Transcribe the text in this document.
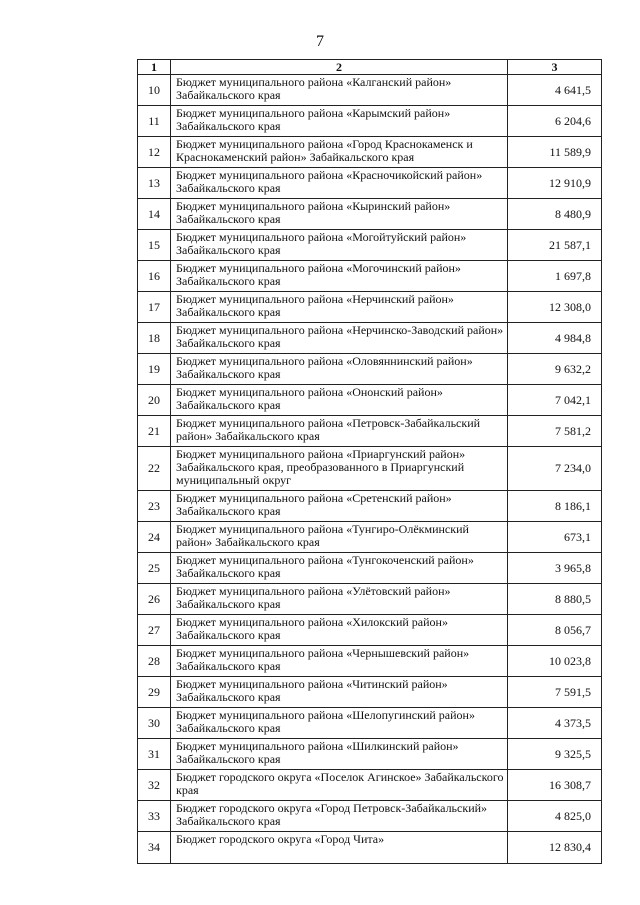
7
1	2	3
10	Бюджет муниципального района «Калганский район» Забайкальского края	4 641,5
11	Бюджет муниципального района «Карымский район» Забайкальского края	6 204,6
12	Бюджет муниципального района «Город Краснокаменск и Краснокаменский район» Забайкальского края	11 589,9
13	Бюджет муниципального района «Красночикойский район» Забайкальского края	12 910,9
14	Бюджет муниципального района «Кыринский район» Забайкальского края	8 480,9
15	Бюджет муниципального района «Могойтуйский район» Забайкальского края	21 587,1
16	Бюджет муниципального района «Могочинский район» Забайкальского края	1 697,8
17	Бюджет муниципального района «Нерчинский район» Забайкальского края	12 308,0
18	Бюджет муниципального района «Нерчинско-Заводский район» Забайкальского края	4 984,8
19	Бюджет муниципального района «Оловяннинский район» Забайкальского края	9 632,2
20	Бюджет муниципального района «Ононский район» Забайкальского края	7 042,1
21	Бюджет муниципального района «Петровск-Забайкальский район» Забайкальского края	7 581,2
22	Бюджет муниципального района «Приаргунский район» Забайкальского края, преобразованного в Приаргунский муниципальный округ	7 234,0
23	Бюджет муниципального района «Сретенский район» Забайкальского края	8 186,1
24	Бюджет муниципального района «Тунгиро-Олёкминский район» Забайкальского края	673,1
25	Бюджет муниципального района «Тунгокоченский район» Забайкальского края	3 965,8
26	Бюджет муниципального района «Улётовский район» Забайкальского края	8 880,5
27	Бюджет муниципального района «Хилокский район» Забайкальского края	8 056,7
28	Бюджет муниципального района «Чернышевский район» Забайкальского края	10 023,8
29	Бюджет муниципального района «Читинский район» Забайкальского края	7 591,5
30	Бюджет муниципального района «Шелопугинский район» Забайкальского края	4 373,5
31	Бюджет муниципального района «Шилкинский район» Забайкальского края	9 325,5
32	Бюджет городского округа «Поселок Агинское» Забайкальского края	16 308,7
33	Бюджет городского округа «Город Петровск-Забайкальский» Забайкальского края	4 825,0
34	Бюджет городского округа «Город Чита»	12 830,4
